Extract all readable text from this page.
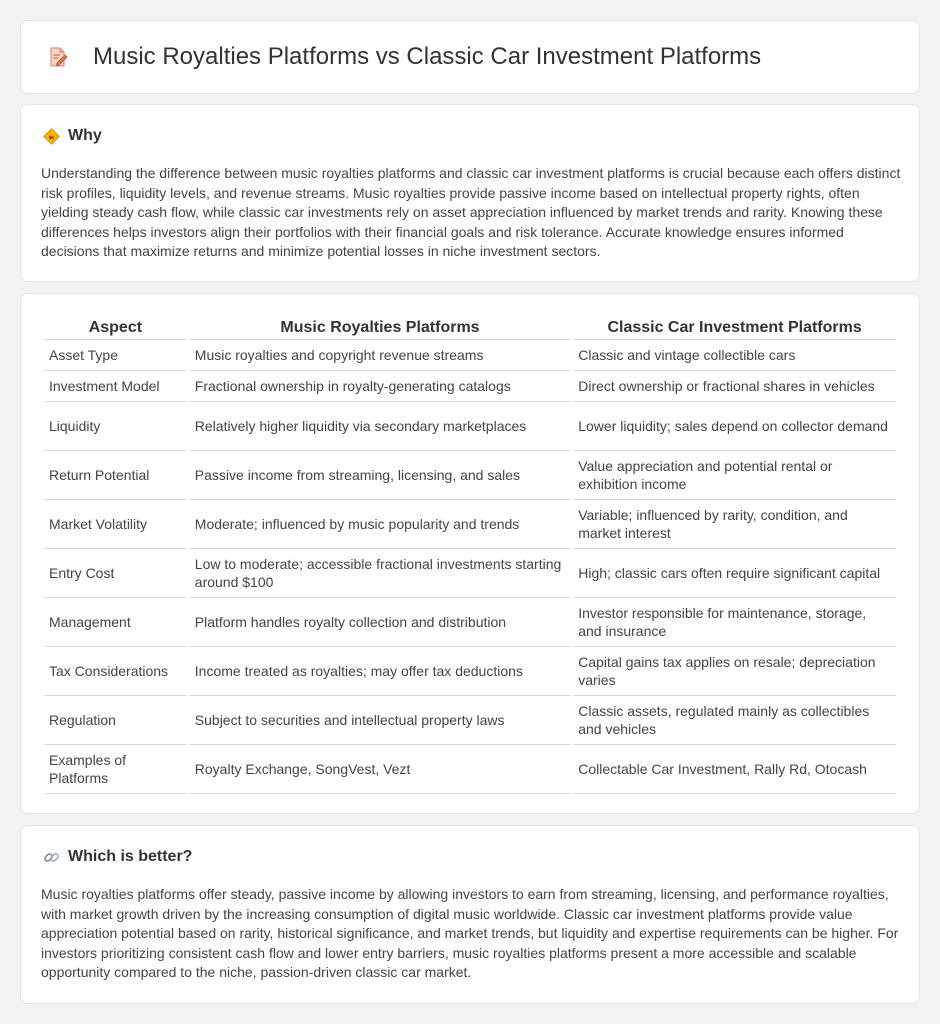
Music Royalties Platforms vs Classic Car Investment Platforms
Why

Understanding the difference between music royalties platforms and classic car investment platforms is crucial because each offers distinct risk profiles, liquidity levels, and revenue streams. Music royalties provide passive income based on intellectual property rights, often yielding steady cash flow, while classic car investments rely on asset appreciation influenced by market trends and rarity. Knowing these differences helps investors align their portfolios with their financial goals and risk tolerance. Accurate knowledge ensures informed decisions that maximize returns and minimize potential losses in niche investment sectors.

Aspect	Music Royalties Platforms	Classic Car Investment Platforms
Asset Type	Music royalties and copyright revenue streams	Classic and vintage collectible cars
Investment Model	Fractional ownership in royalty-generating catalogs	Direct ownership or fractional shares in vehicles
Liquidity	Relatively higher liquidity via secondary marketplaces	Lower liquidity; sales depend on collector demand
Return Potential	Passive income from streaming, licensing, and sales	Value appreciation and potential rental or exhibition income
Market Volatility	Moderate; influenced by music popularity and trends	Variable; influenced by rarity, condition, and market interest
Entry Cost	Low to moderate; accessible fractional investments starting around $100	High; classic cars often require significant capital
Management	Platform handles royalty collection and distribution	Investor responsible for maintenance, storage, and insurance
Tax Considerations	Income treated as royalties; may offer tax deductions	Capital gains tax applies on resale; depreciation varies
Regulation	Subject to securities and intellectual property laws	Classic assets, regulated mainly as collectibles and vehicles
Examples of Platforms	Royalty Exchange, SongVest, Vezt	Collectable Car Investment, Rally Rd, Otocash
Which is better?

Music royalties platforms offer steady, passive income by allowing investors to earn from streaming, licensing, and performance royalties, with market growth driven by the increasing consumption of digital music worldwide. Classic car investment platforms provide value appreciation potential based on rarity, historical significance, and market trends, but liquidity and expertise requirements can be higher. For investors prioritizing consistent cash flow and lower entry barriers, music royalties platforms present a more accessible and scalable opportunity compared to the niche, passion-driven classic car market.
